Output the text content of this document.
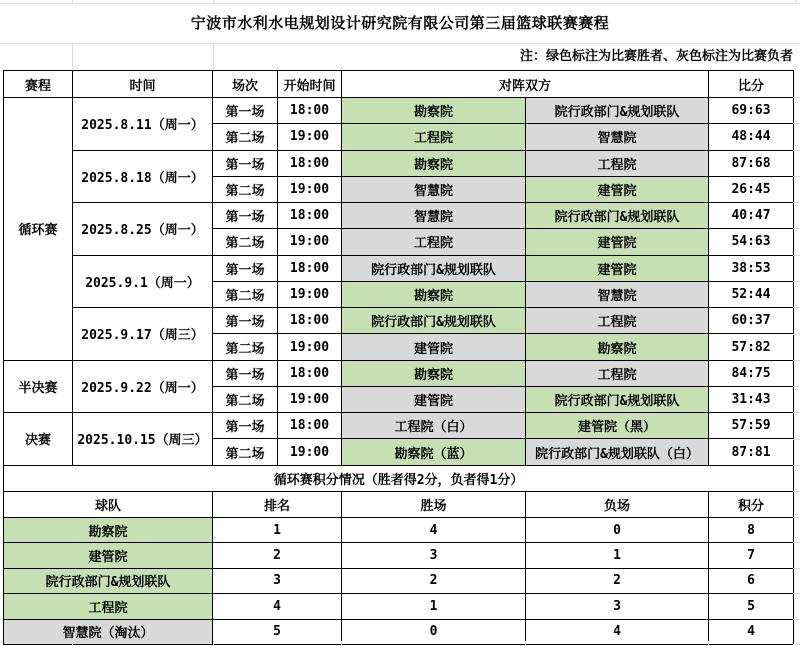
宁波市水利水电规划设计研究院有限公司第三届篮球联赛赛程
注：绿色标注为比赛胜者、灰色标注为比赛负者
赛程	时间	场次	开始时间	对阵双方		比分
循环赛	2025.8.11（周一）	第一场	18:00	勘察院	院行政部门&规划联队	69:63
		第二场	19:00	工程院	智慧院	48:44
	2025.8.18（周一）	第一场	18:00	勘察院	工程院	87:68
		第二场	19:00	智慧院	建管院	26:45
	2025.8.25（周一）	第一场	18:00	智慧院	院行政部门&规划联队	40:47
		第二场	19:00	工程院	建管院	54:63
	2025.9.1（周一）	第一场	18:00	院行政部门&规划联队	建管院	38:53
		第二场	19:00	勘察院	智慧院	52:44
	2025.9.17（周三）	第一场	18:00	院行政部门&规划联队	工程院	60:37
		第二场	19:00	建管院	勘察院	57:82
半决赛	2025.9.22（周一）	第一场	18:00	勘察院	工程院	84:75
		第二场	19:00	建管院	院行政部门&规划联队	31:43
决赛	2025.10.15（周三）	第一场	18:00	工程院（白）	建管院（黑）	57:59
		第二场	19:00	勘察院（蓝）	院行政部门&规划联队（白）	87:81
循环赛积分情况（胜者得2分，负者得1分）				
球队	排名	胜场	负场	积分
勘察院	1	4	0	8
建管院	2	3	1	7
院行政部门&规划联队	3	2	2	6
工程院	4	1	3	5
智慧院（淘汰）	5	0	4	4
